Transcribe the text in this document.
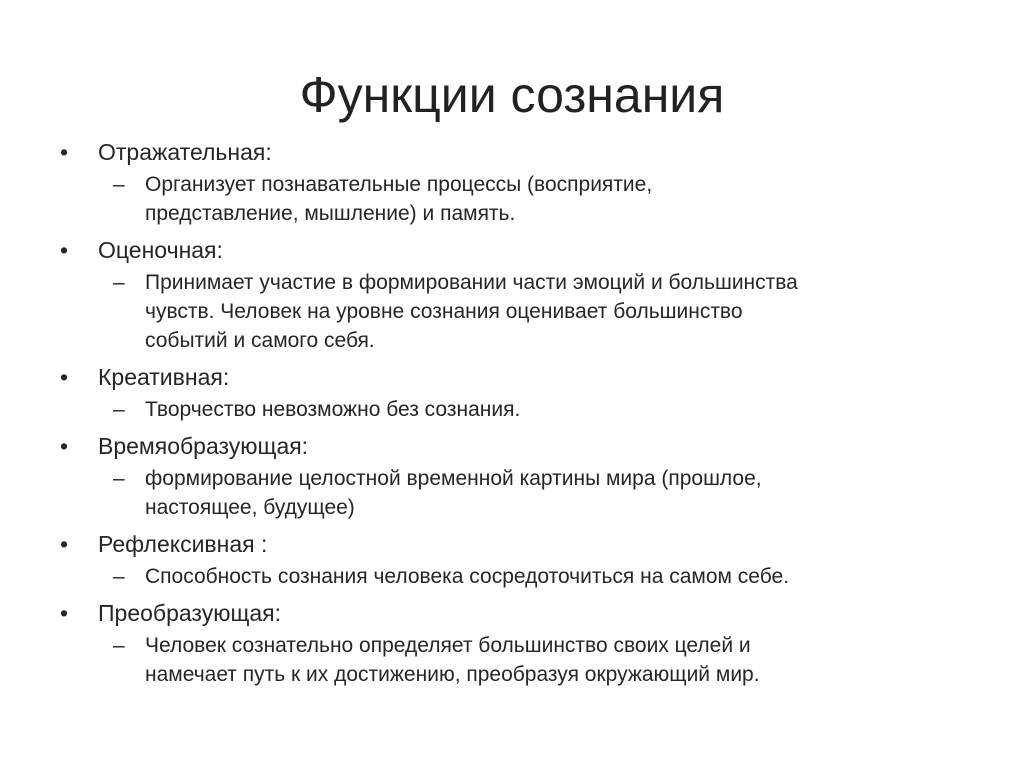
Функции сознания
•	Отражательная:
– Организует познавательные процессы (восприятие,
представление, мышление) и память.
•	Оценочная:
– Принимает участие в формировании части эмоций и большинства
чувств. Человек на уровне сознания оценивает большинство
событий и самого себя.
•	Креативная:
– Творчество невозможно без сознания.
•	Времяобразующая:
– формирование целостной временной картины мира (прошлое,
настоящее, будущее)
•	Рефлексивная :
– Способность сознания человека сосредоточиться на самом себе.
•	Преобразующая:
– Человек сознательно определяет большинство своих целей и
намечает путь к их достижению, преобразуя окружающий мир.
